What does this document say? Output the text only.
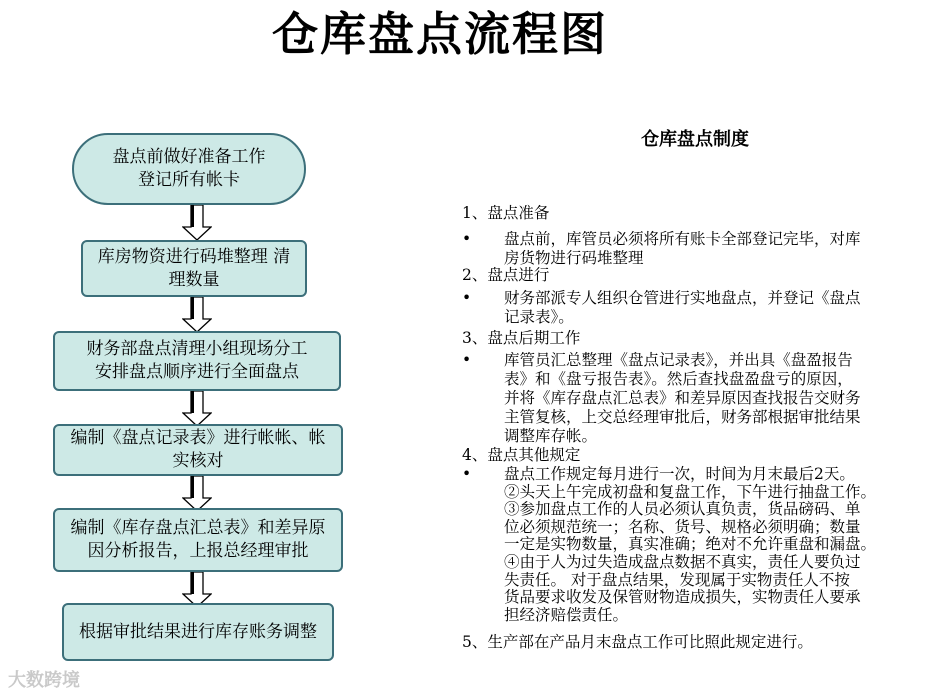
仓库盘点流程图
盘点前做好准备工作
登记所有帐卡
库房物资进行码堆整理 清
理数量
财务部盘点清理小组现场分工
安排盘点顺序进行全面盘点
编制《盘点记录表》进行帐帐、帐
实核对
编制《库存盘点汇总表》和差异原
因分析报告，上报总经理审批
根据审批结果进行库存账务调整
仓库盘点制度
1、盘点准备
• 盘点前，库管员必须将所有账卡全部登记完毕，对库
房货物进行码堆整理
2、盘点进行
• 财务部派专人组织仓管进行实地盘点，并登记《盘点
记录表》。
3、盘点后期工作
• 库管员汇总整理《盘点记录表》，并出具《盘盈报告
表》和《盘亏报告表》。然后查找盘盈盘亏的原因，
并将《库存盘点汇总表》和差异原因查找报告交财务
主管复核，上交总经理审批后，财务部根据审批结果
调整库存帐。
4、盘点其他规定
• 盘点工作规定每月进行一次，时间为月末最后2天。
②头天上午完成初盘和复盘工作，下午进行抽盘工作。
③参加盘点工作的人员必须认真负责，货品磅码、单
位必须规范统一；名称、货号、规格必须明确；数量
一定是实物数量，真实准确；绝对不允许重盘和漏盘。
④由于人为过失造成盘点数据不真实，责任人要负过
失责任。 对于盘点结果，发现属于实物责任人不按
货品要求收发及保管财物造成损失，实物责任人要承
担经济赔偿责任。
5、生产部在产品月末盘点工作可比照此规定进行。
大数跨境
